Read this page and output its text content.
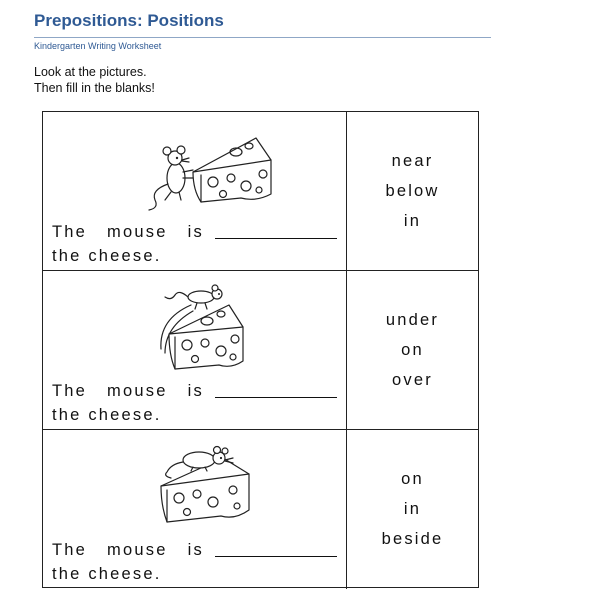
Prepositions: Positions
Kindergarten Writing Worksheet
Look at the pictures.
Then fill in the blanks!
The mouse is
the cheese.
near
below
in
The mouse is
the cheese.
under
on
over
The mouse is
the cheese.
on
in
beside
